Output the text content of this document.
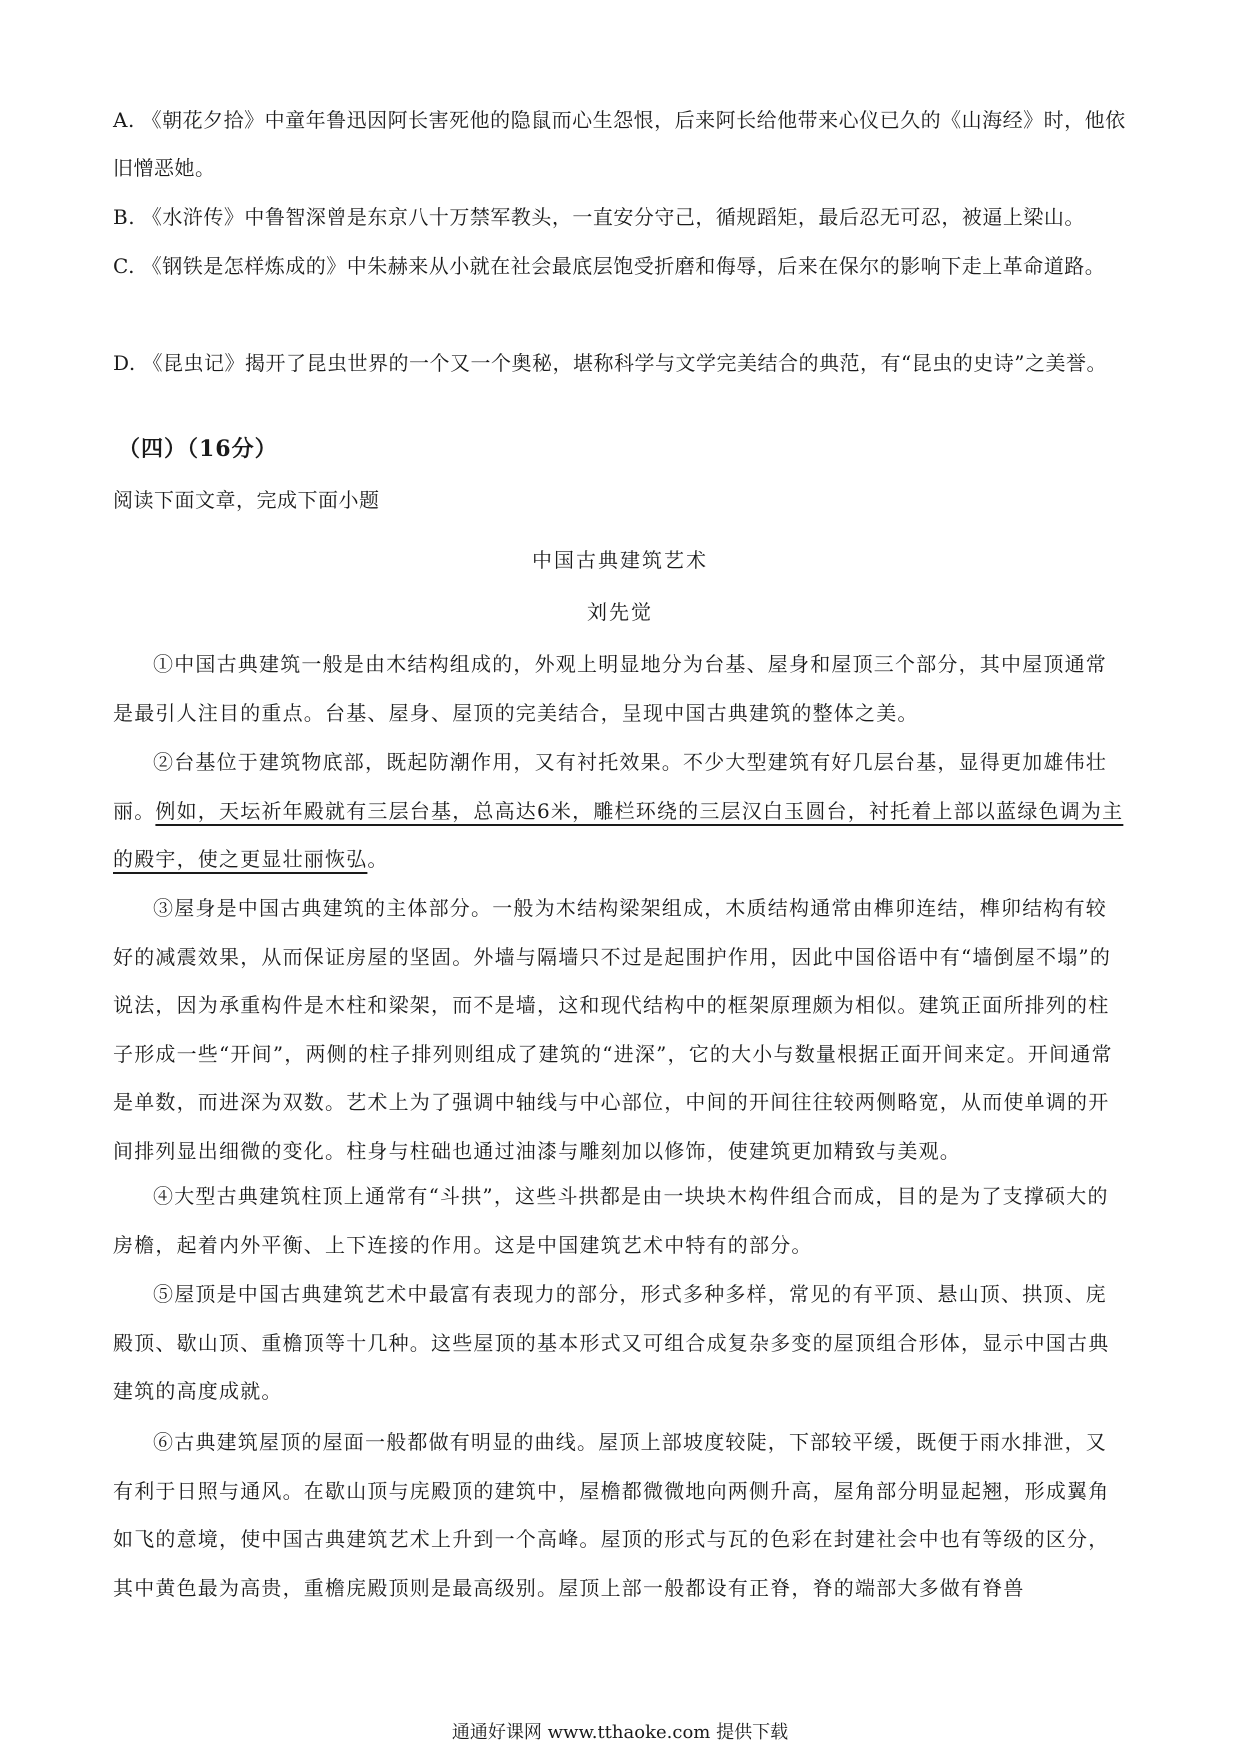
A. 《朝花夕拾》中童年鲁迅因阿长害死他的隐鼠而心生怨恨，后来阿长给他带来心仪已久的《山海经》时，他依旧憎恶她。

B. 《水浒传》中鲁智深曾是东京八十万禁军教头，一直安分守己，循规蹈矩，最后忍无可忍，被逼上梁山。

C. 《钢铁是怎样炼成的》中朱赫来从小就在社会最底层饱受折磨和侮辱，后来在保尔的影响下走上革命道路。

D. 《昆虫记》揭开了昆虫世界的一个又一个奥秘，堪称科学与文学完美结合的典范，有“昆虫的史诗”之美誉。

（四）（16分）

阅读下面文章，完成下面小题

中国古典建筑艺术

刘先觉

①中国古典建筑一般是由木结构组成的，外观上明显地分为台基、屋身和屋顶三个部分，其中屋顶通常是最引人注目的重点。台基、屋身、屋顶的完美结合，呈现中国古典建筑的整体之美。

②台基位于建筑物底部，既起防潮作用，又有衬托效果。不少大型建筑有好几层台基，显得更加雄伟壮丽。例如，天坛祈年殿就有三层台基，总高达6米，雕栏环绕的三层汉白玉圆台，衬托着上部以蓝绿色调为主的殿宇，使之更显壮丽恢弘。

③屋身是中国古典建筑的主体部分。一般为木结构梁架组成，木质结构通常由榫卯连结，榫卯结构有较好的减震效果，从而保证房屋的坚固。外墙与隔墙只不过是起围护作用，因此中国俗语中有“墙倒屋不塌”的说法，因为承重构件是木柱和梁架，而不是墙，这和现代结构中的框架原理颇为相似。建筑正面所排列的柱子形成一些“开间”，两侧的柱子排列则组成了建筑的“进深”，它的大小与数量根据正面开间来定。开间通常是单数，而进深为双数。艺术上为了强调中轴线与中心部位，中间的开间往往较两侧略宽，从而使单调的开间排列显出细微的变化。柱身与柱础也通过油漆与雕刻加以修饰，使建筑更加精致与美观。

④大型古典建筑柱顶上通常有“斗拱”，这些斗拱都是由一块块木构件组合而成，目的是为了支撑硕大的房檐，起着内外平衡、上下连接的作用。这是中国建筑艺术中特有的部分。

⑤屋顶是中国古典建筑艺术中最富有表现力的部分，形式多种多样，常见的有平顶、悬山顶、拱顶、庑殿顶、歇山顶、重檐顶等十几种。这些屋顶的基本形式又可组合成复杂多变的屋顶组合形体，显示中国古典建筑的高度成就。

⑥古典建筑屋顶的屋面一般都做有明显的曲线。屋顶上部坡度较陡，下部较平缓，既便于雨水排泄，又有利于日照与通风。在歇山顶与庑殿顶的建筑中，屋檐都微微地向两侧升高，屋角部分明显起翘，形成翼角如飞的意境，使中国古典建筑艺术上升到一个高峰。屋顶的形式与瓦的色彩在封建社会中也有等级的区分，其中黄色最为高贵，重檐庑殿顶则是最高级别。屋顶上部一般都设有正脊，脊的端部大多做有脊兽

通通好课网 www.tthaoke.com 提供下载
